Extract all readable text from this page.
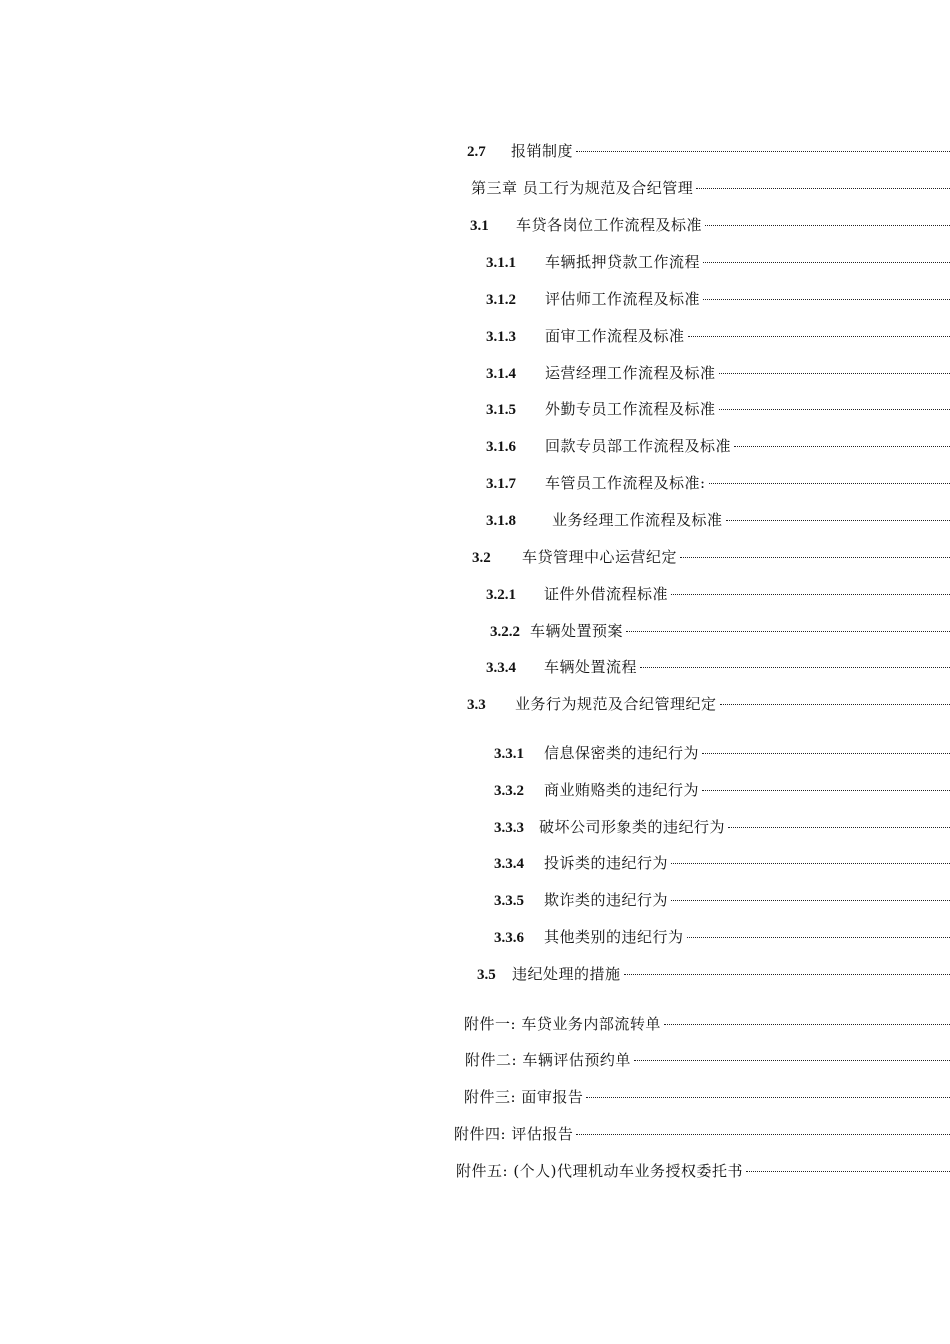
2.7	报销制度
第三章 员工行为规范及合纪管理
3.1	车贷各岗位工作流程及标准
3.1.1	车辆抵押贷款工作流程
3.1.2	评估师工作流程及标准
3.1.3	面审工作流程及标准
3.1.4	运营经理工作流程及标准
3.1.5	外勤专员工作流程及标准
3.1.6	回款专员部工作流程及标准
3.1.7	车管员工作流程及标准:
3.1.8	业务经理工作流程及标准
3.2	车贷管理中心运营纪定
3.2.1	证件外借流程标准
3.2.2 车辆处置预案
3.3.4	车辆处置流程
3.3	业务行为规范及合纪管理纪定
3.3.1	信息保密类的违纪行为
3.3.2	商业贿赂类的违纪行为
3.3.3	破坏公司形象类的违纪行为
3.3.4	投诉类的违纪行为
3.3.5	欺诈类的违纪行为
3.3.6	其他类别的违纪行为
3.5	违纪处理的措施
附件一: 车贷业务内部流转单
附件二: 车辆评估预约单
附件三: 面审报告
附件四: 评估报告
附件五: (个人)代理机动车业务授权委托书
